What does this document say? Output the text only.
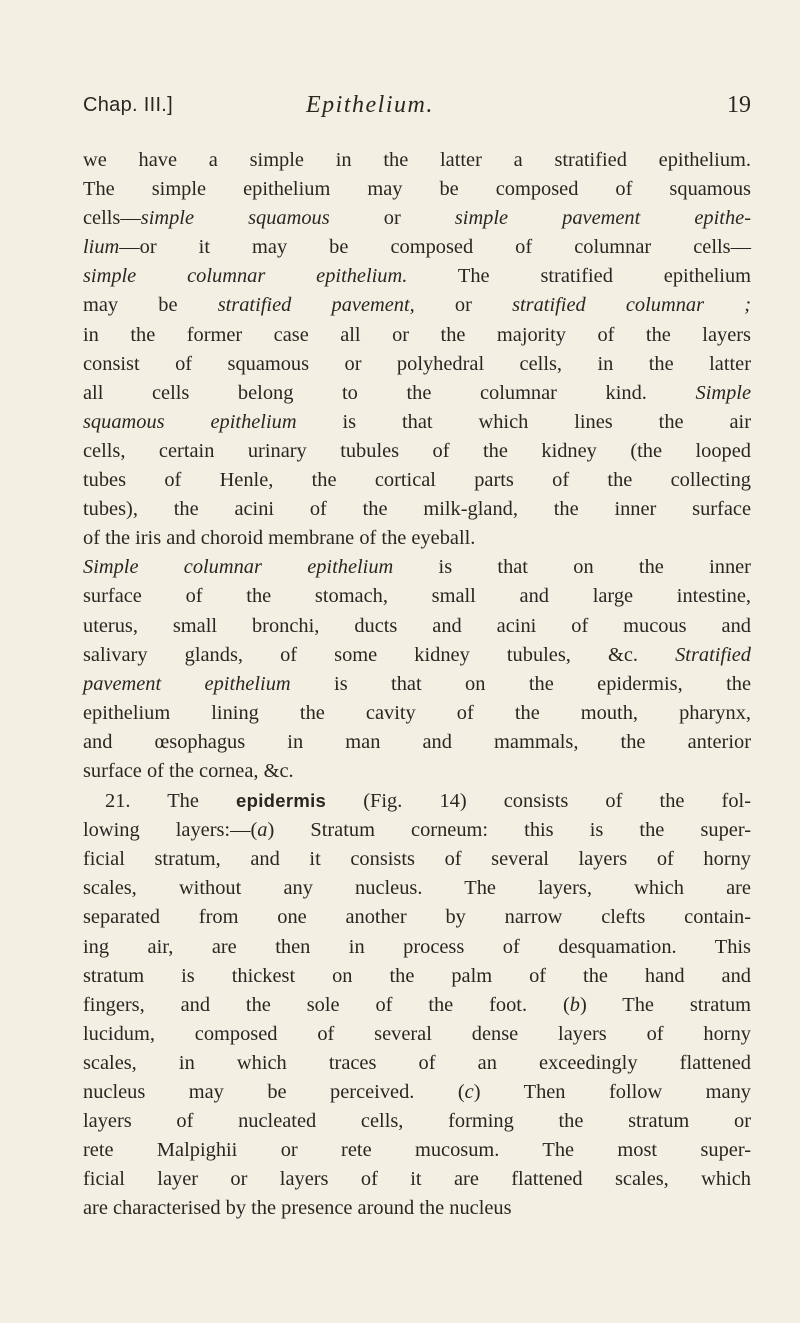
Chap. III.]	Epithelium.	19
we have a simple in the latter a stratified epithelium.
The simple epithelium may be composed of squamous
cells—simple squamous or simple pavement epithe-
lium—or it may be composed of columnar cells—
simple columnar epithelium. The stratified epithelium
may be stratified pavement, or stratified columnar ;
in the former case all or the majority of the layers
consist of squamous or polyhedral cells, in the latter
all cells belong to the columnar kind. Simple
squamous epithelium is that which lines the air
cells, certain urinary tubules of the kidney (the looped
tubes of Henle, the cortical parts of the collecting
tubes), the acini of the milk-gland, the inner surface
of the iris and choroid membrane of the eyeball.
Simple columnar epithelium is that on the inner
surface of the stomach, small and large intestine,
uterus, small bronchi, ducts and acini of mucous and
salivary glands, of some kidney tubules, &c. Stratified
pavement epithelium is that on the epidermis, the
epithelium lining the cavity of the mouth, pharynx,
and œsophagus in man and mammals, the anterior
surface of the cornea, &c.
21. The epidermis (Fig. 14) consists of the fol-
lowing layers:—(a) Stratum corneum: this is the super-
ficial stratum, and it consists of several layers of horny
scales, without any nucleus. The layers, which are
separated from one another by narrow clefts contain-
ing air, are then in process of desquamation. This
stratum is thickest on the palm of the hand and
fingers, and the sole of the foot. (b) The stratum
lucidum, composed of several dense layers of horny
scales, in which traces of an exceedingly flattened
nucleus may be perceived. (c) Then follow many
layers of nucleated cells, forming the stratum or
rete Malpighii or rete mucosum. The most super-
ficial layer or layers of it are flattened scales, which
are characterised by the presence around the nucleus
